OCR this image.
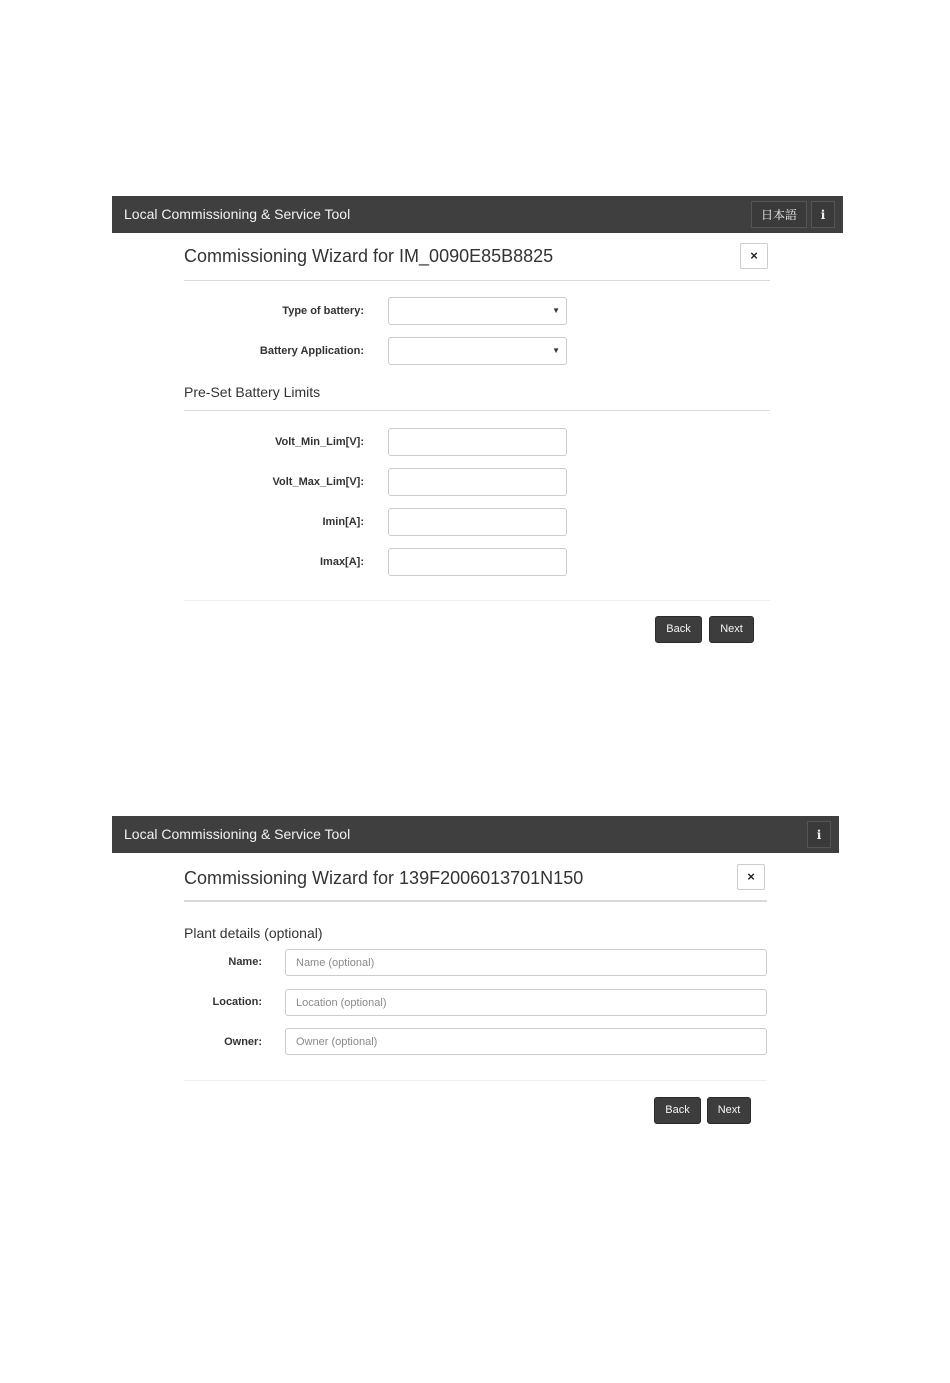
Local Commissioning & Service Tool	日本語	i
Commissioning Wizard for IM_0090E85B8825	×
Type of battery:	▼
Battery Application:	▼
Pre-Set Battery Limits
Volt_Min_Lim[V]:
Volt_Max_Lim[V]:
Imin[A]:
Imax[A]:
Back	Next
Local Commissioning & Service Tool	i
Commissioning Wizard for 139F2006013701N150	×
Plant details (optional)
Name:
Name (optional)
Location:
Location (optional)
Owner:
Owner (optional)
Back	Next
